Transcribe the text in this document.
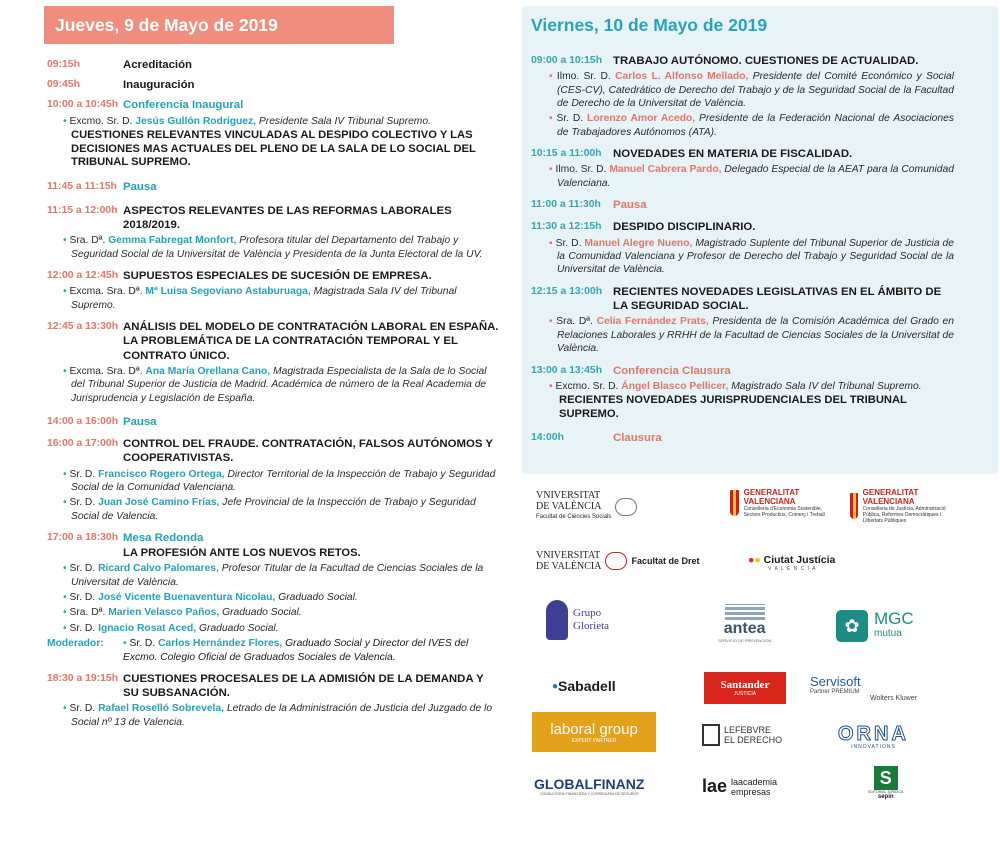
Jueves, 9 de Mayo de 2019
09:15h	Acreditación
09:45h	Inauguración
10:00 a 10:45h Conferencia Inaugural
• Excmo. Sr. D. Jesús Gullón Rodríguez, Presidente Sala IV Tribunal Supremo.
CUESTIONES RELEVANTES VINCULADAS AL DESPIDO COLECTIVO Y LAS DECISIONES MAS ACTUALES DEL PLENO DE LA SALA DE LO SOCIAL DEL TRIBUNAL SUPREMO.
11:45 a 11:15h Pausa
11:15 a 12:00h ASPECTOS RELEVANTES DE LAS REFORMAS LABORALES 2018/2019.
• Sra. Dª. Gemma Fabregat Monfort, Profesora titular del Departamento del Trabajo y Seguridad Social de la Universitat de València y Presidenta de la Junta Electoral de la UV.
12:00 a 12:45h SUPUESTOS ESPECIALES DE SUCESIÓN DE EMPRESA.
• Excma. Sra. Dª. Mª Luisa Segoviano Astaburuaga, Magistrada Sala IV del Tribunal Supremo.
12:45 a 13:30h ANÁLISIS DEL MODELO DE CONTRATACIÓN LABORAL EN ESPAÑA. LA PROBLEMÁTICA DE LA CONTRATACIÓN TEMPORAL Y EL CONTRATO ÚNICO.
• Excma. Sra. Dª. Ana María Orellana Cano, Magistrada Especialista de la Sala de lo Social del Tribunal Superior de Justicia de Madrid. Académica de número de la Real Academia de Jurisprudencia y Legislación de España.
14:00 a 16:00h Pausa
16:00 a 17:00h CONTROL DEL FRAUDE. CONTRATACIÓN, FALSOS AUTÓNOMOS Y COOPERATIVISTAS.
• Sr. D. Francisco Rogero Ortega, Director Territorial de la Inspección de Trabajo y Seguridad Social de la Comunidad Valenciana.
• Sr. D. Juan José Camino Frías, Jefe Provincial de la Inspección de Trabajo y Seguridad Social de Valencia.
17:00 a 18:30h Mesa Redonda
LA PROFESIÓN ANTE LOS NUEVOS RETOS.
• Sr. D. Ricard Calvo Palomares, Profesor Titular de la Facultad de Ciencias Sociales de la Universitat de València.
• Sr. D. José Vicente Buenaventura Nicolau, Graduado Social.
• Sra. Dª. Marien Velasco Paños, Graduado Social.
• Sr. D. Ignacio Rosat Aced, Graduado Social.
Moderador:	• Sr. D. Carlos Hernández Flores, Graduado Social y Director del IVES del Excmo. Colegio Oficial de Graduados Sociales de Valencia.
18:30 a 19:15h CUESTIONES PROCESALES DE LA ADMISIÓN DE LA DEMANDA Y SU SUBSANACIÓN.
• Sr. D. Rafael Roselló Sobrevela, Letrado de la Administración de Justicia del Juzgado de lo Social nº 13 de Valencia.
Viernes, 10 de Mayo de 2019
09:00 a 10:15h TRABAJO AUTÓNOMO. CUESTIONES DE ACTUALIDAD.
• Ilmo. Sr. D. Carlos L. Alfonso Mellado, Presidente del Comité Económico y Social (CES-CV), Catedrático de Derecho del Trabajo y de la Seguridad Social de la Facultad de Derecho de la Universitat de València.
• Sr. D. Lorenzo Amor Acedo, Presidente de la Federación Nacional de Asociaciones de Trabajadores Autónomos (ATA).
10:15 a 11:00h	NOVEDADES EN MATERIA DE FISCALIDAD.
• Ilmo. Sr. D. Manuel Cabrera Pardo, Delegado Especial de la AEAT para la Comunidad Valenciana.
11:00 a 11:30h	Pausa
11:30 a 12:15h	DESPIDO DISCIPLINARIO.
• Sr. D. Manuel Alegre Nueno, Magistrado Suplente del Tribunal Superior de Justicia de la Comunidad Valenciana y Profesor de Derecho del Trabajo y Seguridad Social de la Universitat de València.
12:15 a 13:00h RECIENTES NOVEDADES LEGISLATIVAS EN EL ÁMBITO DE LA SEGURIDAD SOCIAL.
• Sra. Dª. Celia Fernández Prats, Presidenta de la Comisión Académica del Grado en Relaciones Laborales y RRHH de la Facultad de Ciencias Sociales de la Universitat de València.
13:00 a 13:45h Conferencia Clausura
• Excmo. Sr. D. Ángel Blasco Pellicer, Magistrado Sala IV del Tribunal Supremo.
RECIENTES NOVEDADES JURISPRUDENCIALES DEL TRIBUNAL SUPREMO.
14:00h	Clausura
VNIVERSITAT
DE VALÈNCIA
Facultat de Ciències Socials
GENERALITAT
VALENCIANA
Conselleria d'Economia Sostenible, Sectors Productius, Comerç i Treball
GENERALITAT
VALENCIANA
Conselleria de Justícia, Administració Pública, Reformes Democràtiques i Llibertats Públiques
VNIVERSITAT
DE VALÈNCIA	Facultat de Dret	●● Ciutat Justícia
V A L E N C I A
Grupo
Glorieta	antea
SERVICIO DE PREVENCIÓN
✿ MGC
mutua
● Sabadell	Santander
JUSTICIA
Servisoft
Partner PREMIUM
Wolters Kluwer
laboral group
EXPERT PARTNER
LEFEBVRE
EL DERECHO	ORNA
INNOVATIONS
GLOBALFINANZ
CONSULTORÍA FINANCIERA Y CORREDURÍA DE SEGUROS	lae laacademia
empresas
S
EDITORIAL JURÍDICA
sepin
